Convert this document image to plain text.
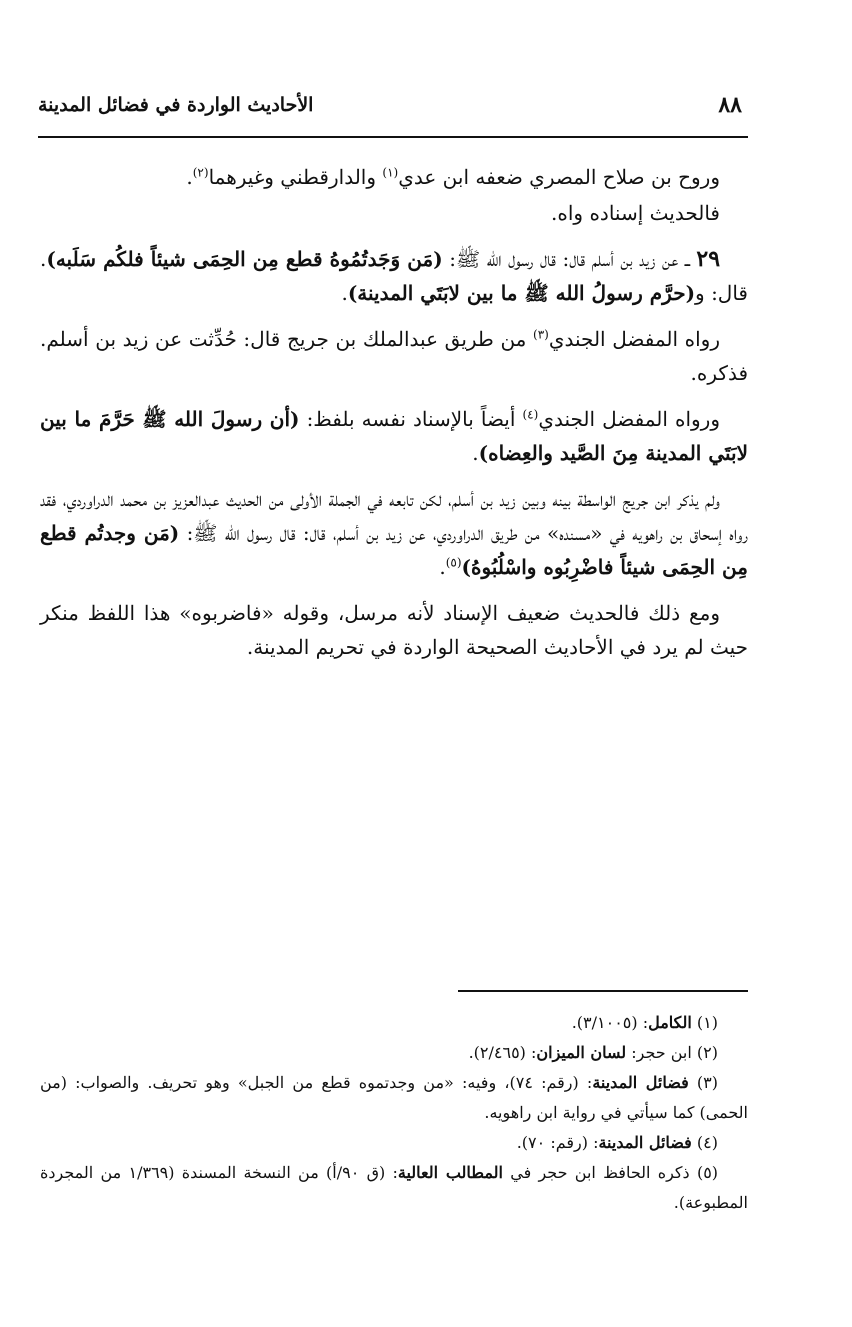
٨٨
الأحاديث الواردة في فضائل المدينة

وروح بن صلاح المصري ضعفه ابن عدي$^{(١)}$ والدارقطني وغيرهما$^{(٢)}$.

فالحديث إسناده واه.

٢٩ ــ عن زيد بن أسلم قال: قال رسول الله ﷺ: (مَن وَجَدتُمُوهُ قطع مِن الحِمَى شيئاً فلكُم سَلَبه). قال: و(حرَّم رسولُ الله ﷺ ما بين لابَتَي المدينة).

رواه المفضل الجندي$^{(٣)}$ من طريق عبدالملك بن جريج قال: حُدِّثت عن زيد بن أسلم. فذكره.

ورواه المفضل الجندي$^{(٤)}$ أيضاً بالإسناد نفسه بلفظ: (أن رسولَ الله ﷺ حَرَّمَ ما بين لابَتَي المدينة مِنَ الصَّيد والعِضاه).

ولم يذكر ابن جريج الواسطة بينه وبين زيد بن أسلم، لكن تابعه في الجملة الأولى من الحديث عبدالعزيز بن محمد الدراوردي، فقد رواه إسحاق بن راهويه في «مسنده» من طريق الدراوردي، عن زيد بن أسلم، قال: قال رسول الله ﷺ: (مَن وجدتُم قطع مِن الحِمَى شيئاً فاضْرِبُوه واسْلُبُوهُ)$^{(٥)}$.

ومع ذلك فالحديث ضعيف الإسناد لأنه مرسل، وقوله «فاضربوه» هذا اللفظ منكر حيث لم يرد في الأحاديث الصحيحة الواردة في تحريم المدينة.

(١) الكامل: (٣/١٠٠٥).

(٢) ابن حجر: لسان الميزان: (٢/٤٦٥).

(٣) فضائل المدينة: (رقم: ٧٤)، وفيه: «من وجدتموه قطع من الجبل» وهو تحريف. والصواب: (من الحمى) كما سيأتي في رواية ابن راهويه.

(٤) فضائل المدينة: (رقم: ٧٠).

(٥) ذكره الحافظ ابن حجر في المطالب العالية: (ق ٩٠/أ) من النسخة المسندة (١/٣٦٩ من المجردة المطبوعة).
